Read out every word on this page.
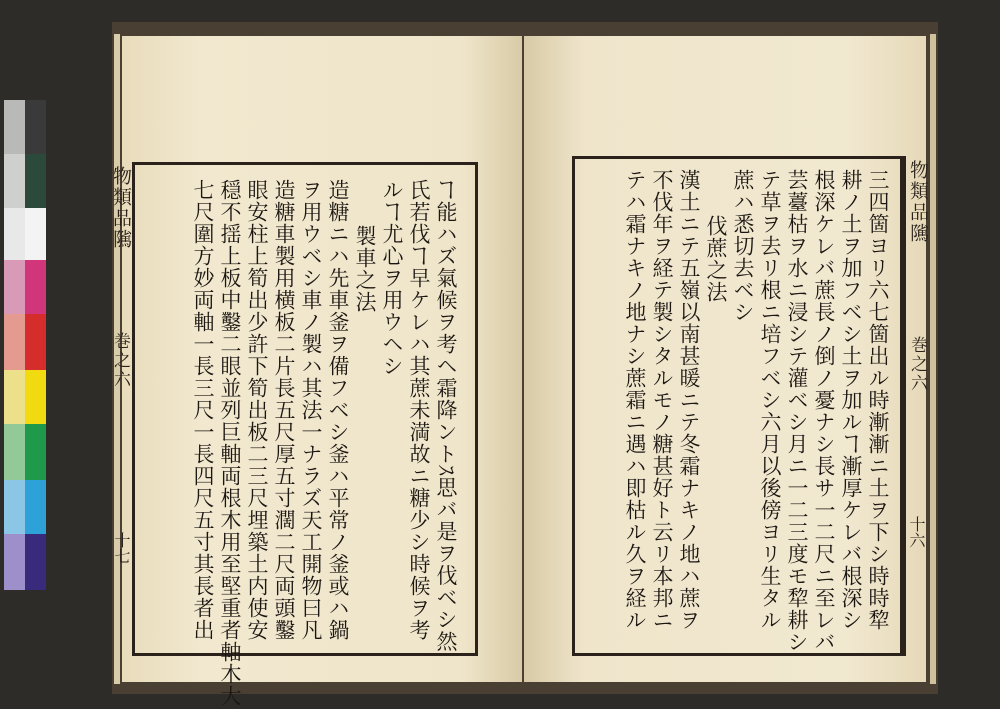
ヿ能ハズ氣候ヲ考ヘ霜降ントｽ思バ是ヲ伐ベシ然
氏若伐ヿ早ケレハ其蔗未満故ニ糖少シ時候ヲ考
ルヿ尤心ヲ用ウヘシ
製車之法
造糖ニハ先車釜ヲ備フベシ釜ハ平常ノ釜或ハ鍋
ヲ用ウベシ車ノ製ハ其法一ナラズ天工開物曰凡
造糖車製用横板二片長五尺厚五寸濶二尺両頭鑿
眼安柱上筍出少許下筍出板二三尺埋築土内使安
穏不揺上板中鑿二眼並列巨軸両根木用至堅重者軸木大
七尺圍方妙両軸一長三尺一長四尺五寸其長者出
物類品隲
巻之六
十七	三四箇ヨリ六七箇出ル時漸漸ニ土ヲ下シ時時犂
耕ノ土ヲ加フベシ土ヲ加ルヿ漸厚ケレバ根深シ
根深ケレバ蔗長ノ倒ノ憂ナシ長サ一二尺ニ至レバ
芸薹枯ヲ水ニ浸シテ灌ベシ月ニ一二三度モ犂耕シ
テ草ヲ去リ根ニ培フベシ六月以後傍ヨリ生タル
蔗ハ悉切去ベシ
伐蔗之法
漢土ニテ五嶺以南甚暖ニテ冬霜ナキノ地ハ蔗ヲ
不伐年ヲ経テ製シタルモノ糖甚好ト云リ本邦ニ
テハ霜ナキノ地ナシ蔗霜ニ遇ハ即枯ル久ヲ経ル	物類品隲
巻之六
十六
